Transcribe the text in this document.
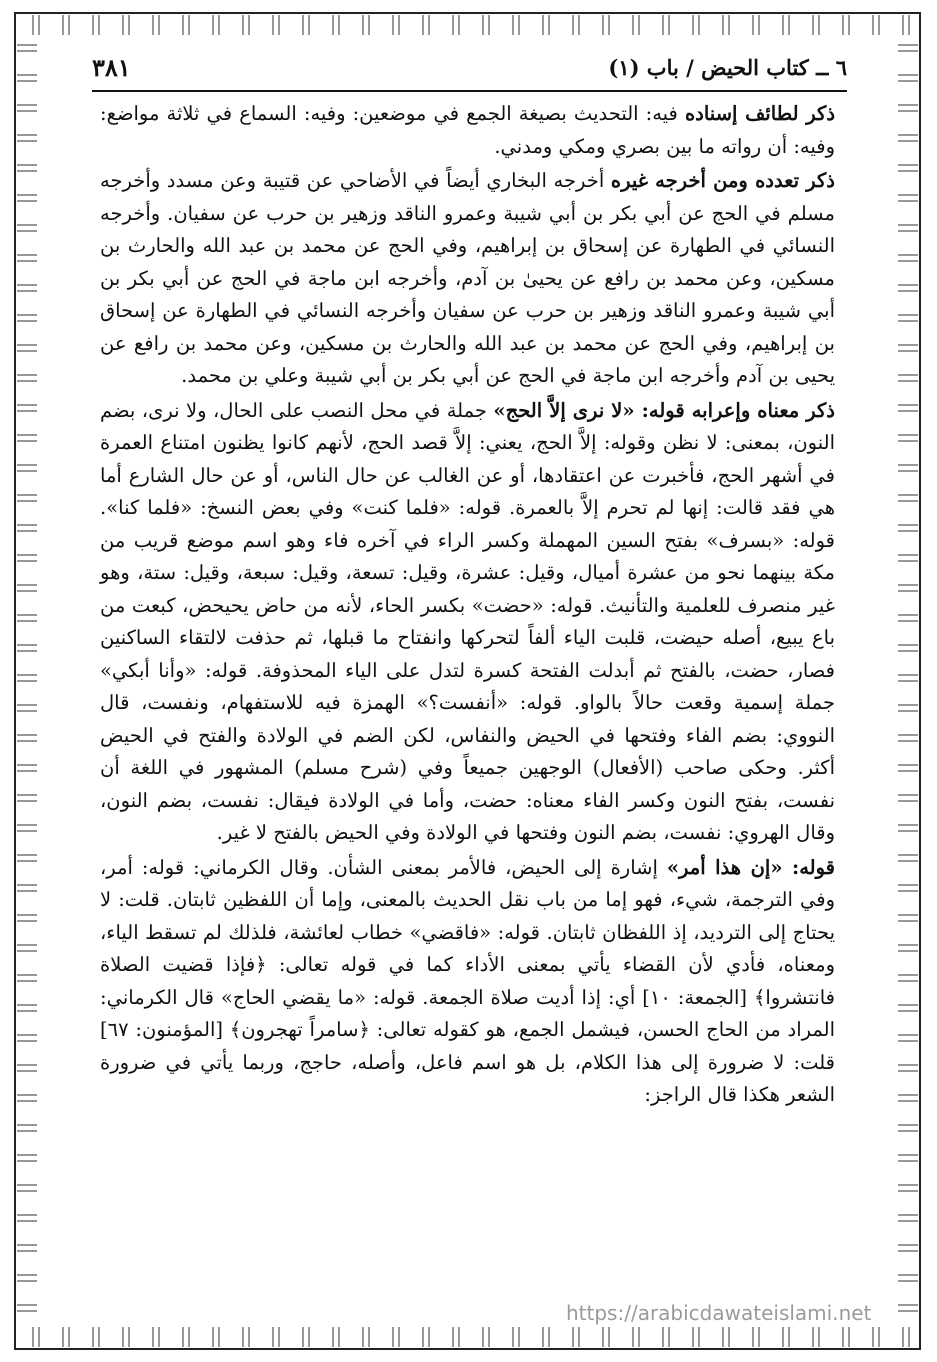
٦ ــ كتاب الحيض / باب (١)
٣٨١

ذكر لطائف إسناده فيه: التحديث بصيغة الجمع في موضعين: وفيه: السماع في ثلاثة مواضع: وفيه: أن رواته ما بين بصري ومكي ومدني.

ذكر تعدده ومن أخرجه غيره أخرجه البخاري أيضاً في الأضاحي عن قتيبة وعن مسدد وأخرجه مسلم في الحج عن أبي بكر بن أبي شيبة وعمرو الناقد وزهير بن حرب عن سفيان. وأخرجه النسائي في الطهارة عن إسحاق بن إبراهيم، وفي الحج عن محمد بن عبد الله والحارث بن مسكين، وعن محمد بن رافع عن يحيىٰ بن آدم، وأخرجه ابن ماجة في الحج عن أبي بكر بن أبي شيبة وعمرو الناقد وزهير بن حرب عن سفيان وأخرجه النسائي في الطهارة عن إسحاق بن إبراهيم، وفي الحج عن محمد بن عبد الله والحارث بن مسكين، وعن محمد بن رافع عن يحيى بن آدم وأخرجه ابن ماجة في الحج عن أبي بكر بن أبي شيبة وعلي بن محمد.

ذكر معناه وإعرابه قوله: «لا نرى إلاَّ الحج» جملة في محل النصب على الحال، ولا نرى، بضم النون، بمعنى: لا نظن وقوله: إلاَّ الحج، يعني: إلاَّ قصد الحج، لأنهم كانوا يظنون امتناع العمرة في أشهر الحج، فأخبرت عن اعتقادها، أو عن الغالب عن حال الناس، أو عن حال الشارع أما هي فقد قالت: إنها لم تحرم إلاَّ بالعمرة. قوله: «فلما كنت» وفي بعض النسخ: «فلما كنا». قوله: «بسرف» بفتح السين المهملة وكسر الراء في آخره فاء وهو اسم موضع قريب من مكة بينهما نحو من عشرة أميال، وقيل: عشرة، وقيل: تسعة، وقيل: سبعة، وقيل: ستة، وهو غير منصرف للعلمية والتأنيث. قوله: «حضت» بكسر الحاء، لأنه من حاض يحيحض، كبعت من باع يبيع، أصله حيضت، قلبت الياء ألفاً لتحركها وانفتاح ما قبلها، ثم حذفت لالتقاء الساكنين فصار، حضت، بالفتح ثم أبدلت الفتحة كسرة لتدل على الياء المحذوفة. قوله: «وأنا أبكي» جملة إسمية وقعت حالاً بالواو. قوله: «أنفست؟» الهمزة فيه للاستفهام، ونفست، قال النووي: بضم الفاء وفتحها في الحيض والنفاس، لكن الضم في الولادة والفتح في الحيض أكثر. وحكى صاحب (الأفعال) الوجهين جميعاً وفي (شرح مسلم) المشهور في اللغة أن نفست، بفتح النون وكسر الفاء معناه: حضت، وأما في الولادة فيقال: نفست، بضم النون، وقال الهروي: نفست، بضم النون وفتحها في الولادة وفي الحيض بالفتح لا غير.

قوله: «إن هذا أمر» إشارة إلى الحيض، فالأمر بمعنى الشأن. وقال الكرماني: قوله: أمر، وفي الترجمة، شيء، فهو إما من باب نقل الحديث بالمعنى، وإما أن اللفظين ثابتان. قلت: لا يحتاج إلى الترديد، إذ اللفظان ثابتان. قوله: «فاقضي» خطاب لعائشة، فلذلك لم تسقط الياء، ومعناه، فأدي لأن القضاء يأتي بمعنى الأداء كما في قوله تعالى: ﴿فإذا قضيت الصلاة فانتشروا﴾ [الجمعة: ١٠] أي: إذا أديت صلاة الجمعة. قوله: «ما يقضي الحاج» قال الكرماني: المراد من الحاج الحسن، فيشمل الجمع، هو كقوله تعالى: ﴿سامراً تهجرون﴾ [المؤمنون: ٦٧] قلت: لا ضرورة إلى هذا الكلام، بل هو اسم فاعل، وأصله، حاجج، وربما يأتي في ضرورة الشعر هكذا قال الراجز:

https://arabicdawateislami.net
